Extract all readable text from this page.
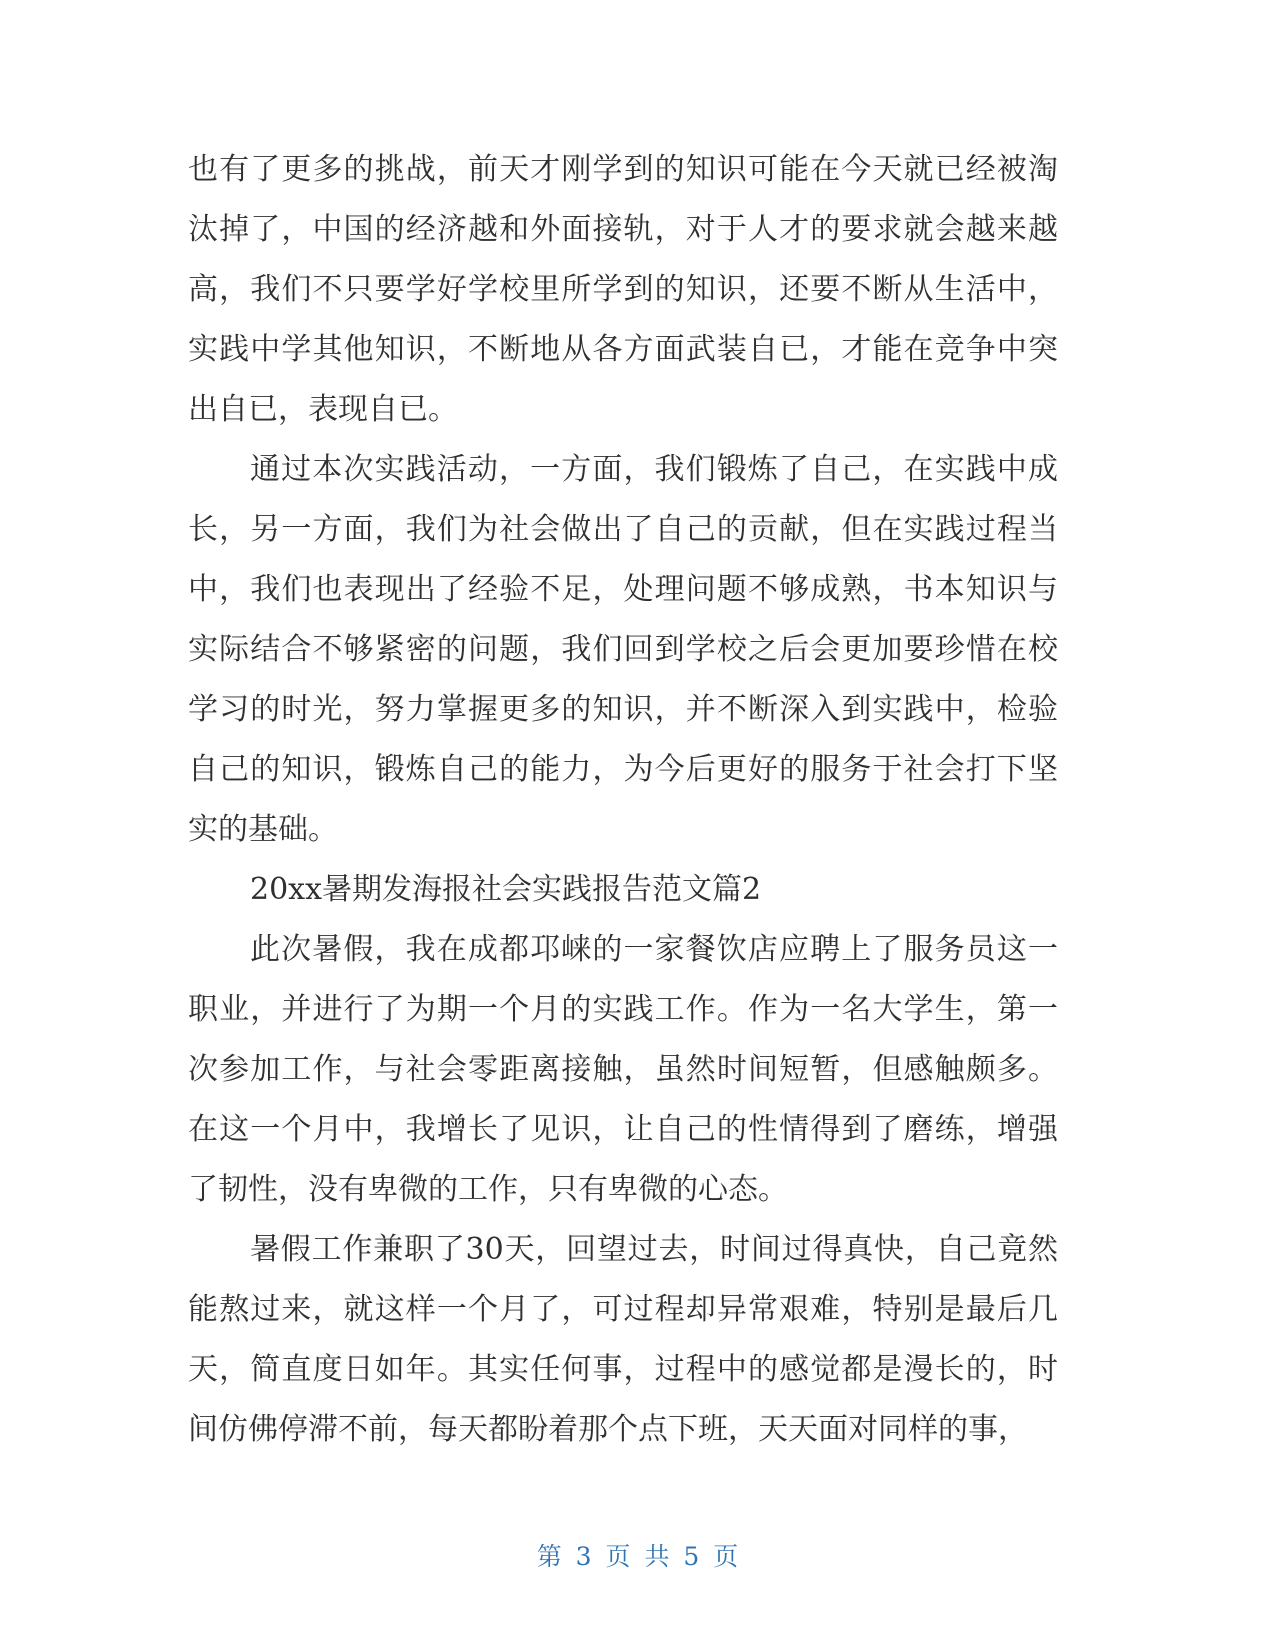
也有了更多的挑战，前天才刚学到的知识可能在今天就已经被淘
汰掉了，中国的经济越和外面接轨，对于人才的要求就会越来越
高，我们不只要学好学校里所学到的知识，还要不断从生活中，
实践中学其他知识，不断地从各方面武装自已，才能在竞争中突
出自已，表现自已。
通过本次实践活动，一方面，我们锻炼了自己，在实践中成
长，另一方面，我们为社会做出了自己的贡献，但在实践过程当
中，我们也表现出了经验不足，处理问题不够成熟，书本知识与
实际结合不够紧密的问题，我们回到学校之后会更加要珍惜在校
学习的时光，努力掌握更多的知识，并不断深入到实践中，检验
自己的知识，锻炼自己的能力，为今后更好的服务于社会打下坚
实的基础。
20xx暑期发海报社会实践报告范文篇2
此次暑假，我在成都邛崃的一家餐饮店应聘上了服务员这一
职业，并进行了为期一个月的实践工作。作为一名大学生，第一
次参加工作，与社会零距离接触，虽然时间短暂，但感触颇多。
在这一个月中，我增长了见识，让自己的性情得到了磨练，增强
了韧性，没有卑微的工作，只有卑微的心态。
暑假工作兼职了30天，回望过去，时间过得真快，自己竟然
能熬过来，就这样一个月了，可过程却异常艰难，特别是最后几
天，简直度日如年。其实任何事，过程中的感觉都是漫长的，时
间仿佛停滞不前，每天都盼着那个点下班，天天面对同样的事，
第 3 页 共 5 页
